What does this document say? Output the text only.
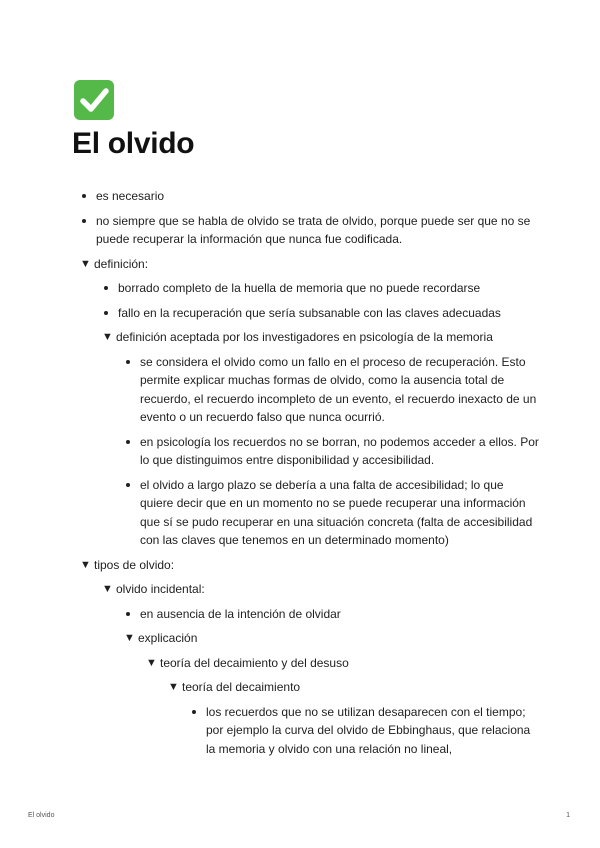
El olvido
es necesario
no siempre que se habla de olvido se trata de olvido, porque puede ser que no se puede recuperar la información que nunca fue codificada.
▼ definición:
borrado completo de la huella de memoria que no puede recordarse
fallo en la recuperación que sería subsanable con las claves adecuadas
▼ definición aceptada por los investigadores en psicología de la memoria
se considera el olvido como un fallo en el proceso de recuperación. Esto permite explicar muchas formas de olvido, como la ausencia total de recuerdo, el recuerdo incompleto de un evento, el recuerdo inexacto de un evento o un recuerdo falso que nunca ocurrió.
en psicología los recuerdos no se borran, no podemos acceder a ellos. Por lo que distinguimos entre disponibilidad y accesibilidad.
el olvido a largo plazo se debería a una falta de accesibilidad; lo que quiere decir que en un momento no se puede recuperar una información que sí se pudo recuperar en una situación concreta (falta de accesibilidad con las claves que tenemos en un determinado momento)
▼ tipos de olvido:
▼ olvido incidental:
en ausencia de la intención de olvidar
▼ explicación
▼ teoría del decaimiento y del desuso
▼ teoría del decaimiento
los recuerdos que no se utilizan desaparecen con el tiempo; por ejemplo la curva del olvido de Ebbinghaus, que relaciona la memoria y olvido con una relación no lineal,
El olvido	1
